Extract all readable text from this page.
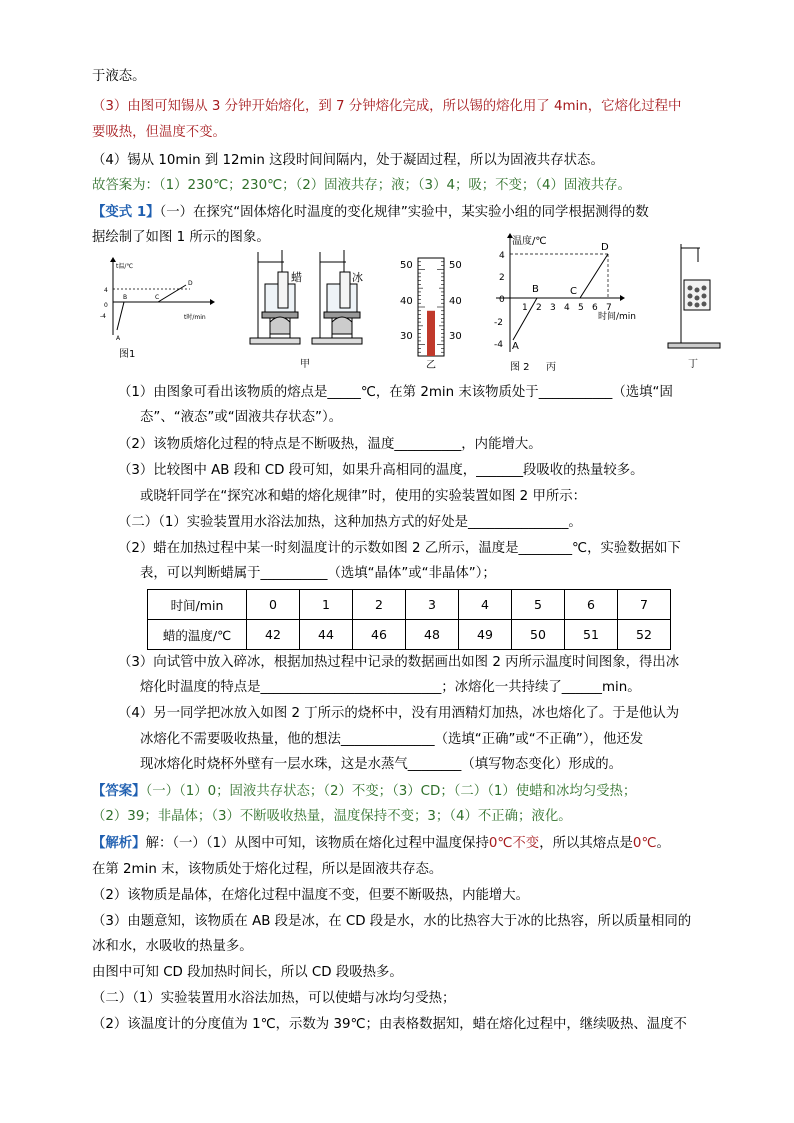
于液态。
（3）由图可知锡从 3 分钟开始熔化，到 7 分钟熔化完成，所以锡的熔化用了 4min，它熔化过程中
要吸热，但温度不变。
（4）锡从 10min 到 12min 这段时间间隔内，处于凝固过程，所以为固液共存状态。
故答案为：（1）230℃；230℃；（2）固液共存；液；（3）4；吸；不变；（4）固液共存。
【变式 1】（一）在探究“固体熔化时温度的变化规律”实验中，某实验小组的同学根据测得的数
据绘制了如图 1 所示的图象。
t温/℃
t时/min
4
0
-4
A
B	C
D
图1
蜡	冰
甲
50
40
30
50
40
30
乙
温度/℃
时间/min
4
2
0
-2
-4
1 2 3 4 5 6 7
A
B	C
D
图 2 丙	丁
（1）由图象可看出该物质的熔点是_____℃，在第 2min 末该物质处于___________（选填“固
态”、“液态”或“固液共存状态”）。
（2）该物质熔化过程的特点是不断吸热，温度__________，内能增大。
（3）比较图中 AB 段和 CD 段可知，如果升高相同的温度，_______段吸收的热量较多。
或晓轩同学在“探究冰和蜡的熔化规律”时，使用的实验装置如图 2 甲所示：
（二）（1）实验装置用水浴法加热，这种加热方式的好处是_______________。
（2）蜡在加热过程中某一时刻温度计的示数如图 2 乙所示，温度是________℃，实验数据如下
表，可以判断蜡属于__________（选填“晶体”或“非晶体”）；
时间/min	0	1	2	3	4	5	6	7
蜡的温度/℃	42	44	46	48	49	50	51	52
（3）向试管中放入碎冰，根据加热过程中记录的数据画出如图 2 丙所示温度时间图象，得出冰
熔化时温度的特点是___________________________；冰熔化一共持续了______min。
（4）另一同学把冰放入如图 2 丁所示的烧杯中，没有用酒精灯加热，冰也熔化了。于是他认为
冰熔化不需要吸收热量，他的想法______________（选填“正确”或“不正确”），他还发
现冰熔化时烧杯外壁有一层水珠，这是水蒸气________（填写物态变化）形成的。
【答案】（一）（1）0；固液共存状态；（2）不变；（3）CD；（二）（1）使蜡和冰均匀受热；
（2）39；非晶体；（3）不断吸收热量，温度保持不变；3；（4）不正确；液化。
【解析】解：（一）（1）从图中可知，该物质在熔化过程中温度保持0℃不变，所以其熔点是0℃。
在第 2min 末，该物质处于熔化过程，所以是固液共存态。
（2）该物质是晶体，在熔化过程中温度不变，但要不断吸热，内能增大。
（3）由题意知，该物质在 AB 段是冰，在 CD 段是水，水的比热容大于冰的比热容，所以质量相同的
冰和水，水吸收的热量多。
由图中可知 CD 段加热时间长，所以 CD 段吸热多。
（二）（1）实验装置用水浴法加热，可以使蜡与冰均匀受热；
（2）该温度计的分度值为 1℃，示数为 39℃；由表格数据知，蜡在熔化过程中，继续吸热、温度不
